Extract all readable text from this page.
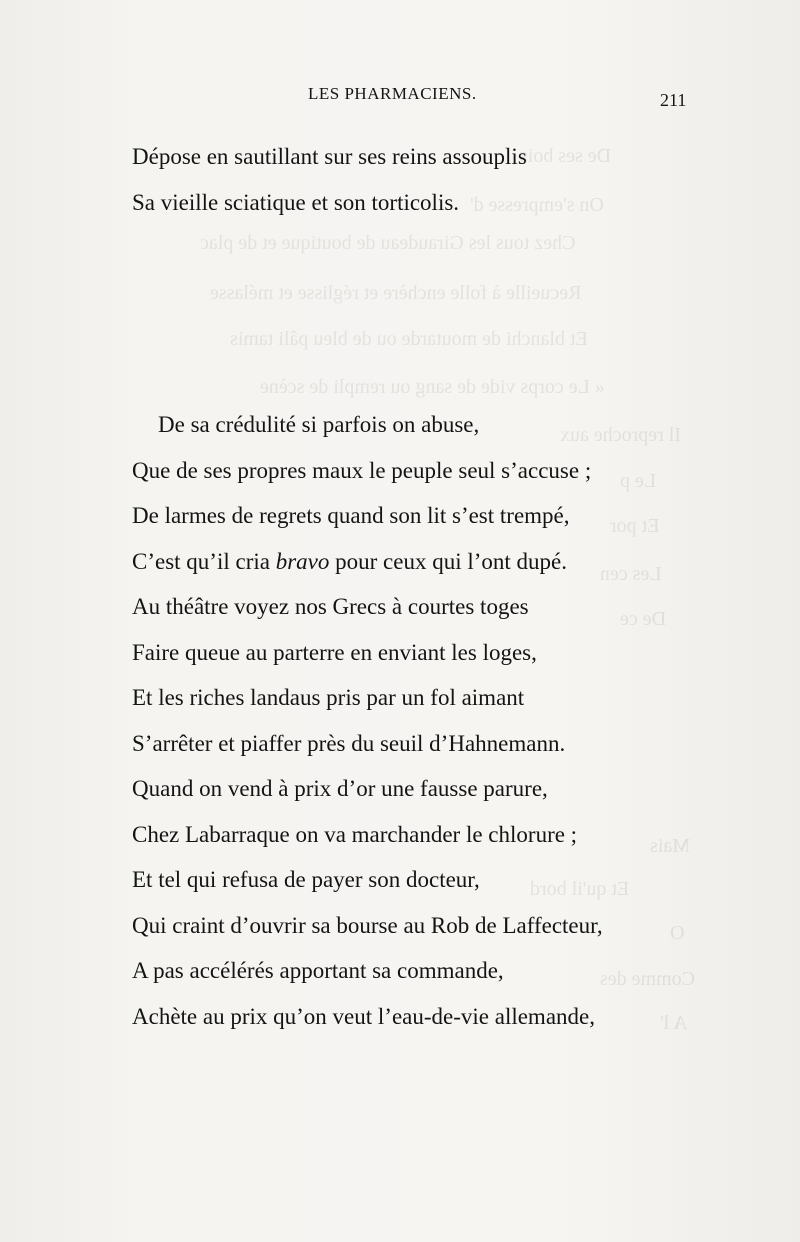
De ses bois
On s'empresse d'
Chez tous les Giraudeau de boutique et de plac
Recueille à folle enchère et réglisse et mélasse
Et blanchi de moutarde ou de bleu pâli tamis
« Le corps vide de sang ou rempli de scène
Il reproche aux
Le p
Et por
Les cen
De ce
Mais
Et qu'il bord
O
Comme des
A l'
LES PHARMACIENS.	211
Dépose en sautillant sur ses reins assouplis
Sa vieille sciatique et son torticolis.
De sa crédulité si parfois on abuse,
Que de ses propres maux le peuple seul s’accuse ;
De larmes de regrets quand son lit s’est trempé,
C’est qu’il cria bravo pour ceux qui l’ont dupé.
Au théâtre voyez nos Grecs à courtes toges
Faire queue au parterre en enviant les loges,
Et les riches landaus pris par un fol aimant
S’arrêter et piaffer près du seuil d’Hahnemann.
Quand on vend à prix d’or une fausse parure,
Chez Labarraque on va marchander le chlorure ;
Et tel qui refusa de payer son docteur,
Qui craint d’ouvrir sa bourse au Rob de Laffecteur,
A pas accélérés apportant sa commande,
Achète au prix qu’on veut l’eau-de-vie allemande,
